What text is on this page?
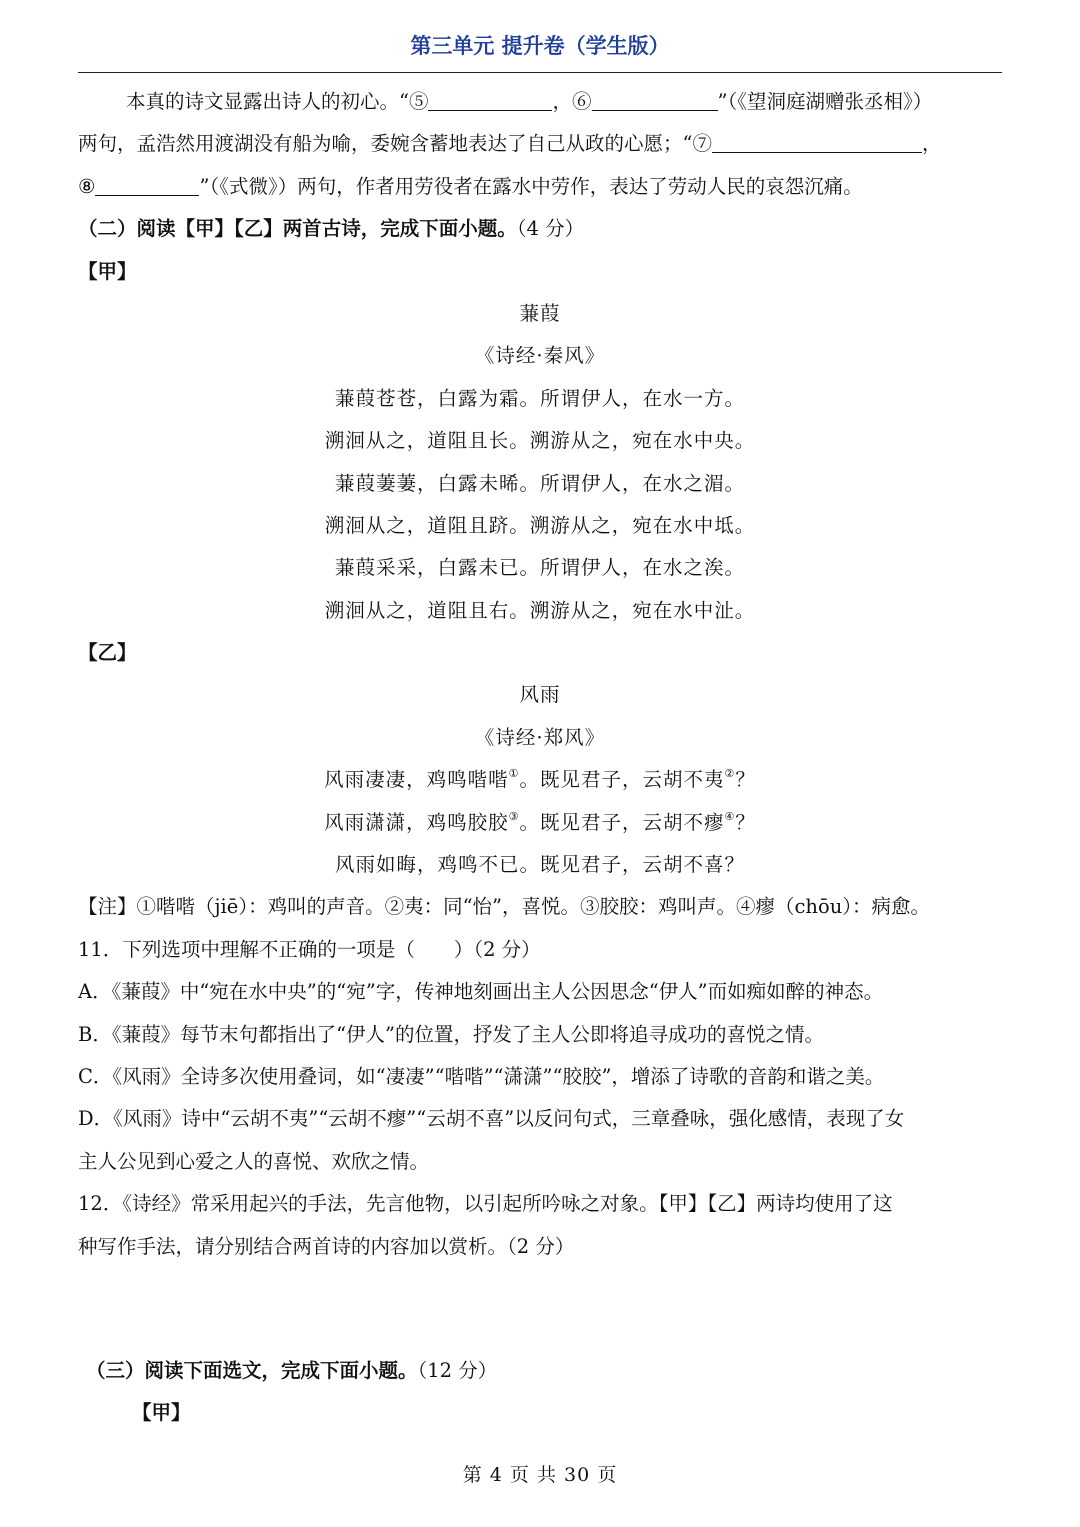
第三单元 提升卷（学生版）
本真的诗文显露出诗人的初心。“⑤	，⑥	”（《望洞庭湖赠张丞相》）
两句，孟浩然用渡湖没有船为喻，委婉含蓄地表达了自己从政的心愿；“⑦	，
⑧	”（《式微》）两句，作者用劳役者在露水中劳作，表达了劳动人民的哀怨沉痛。
（二）阅读【甲】【乙】两首古诗，完成下面小题。（4 分）
【甲】
蒹葭
《诗经·秦风》
蒹葭苍苍，白露为霜。所谓伊人，在水一方。
溯洄从之，道阻且长。溯游从之，宛在水中央。
蒹葭萋萋，白露未晞。所谓伊人，在水之湄。
溯洄从之，道阻且跻。溯游从之，宛在水中坻。
蒹葭采采，白露未已。所谓伊人，在水之涘。
溯洄从之，道阻且右。溯游从之，宛在水中沚。
【乙】
风雨
《诗经·郑风》
风雨凄凄，鸡鸣喈喈①。既见君子，云胡不夷②？
风雨潇潇，鸡鸣胶胶③。既见君子，云胡不瘳④？
风雨如晦，鸡鸣不已。既见君子，云胡不喜？
【注】①喈喈（jiē）：鸡叫的声音。②夷：同“怡”，喜悦。③胶胶：鸡叫声。④瘳（chōu）：病愈。
11．下列选项中理解不正确的一项是（　　）（2 分）
A．《蒹葭》中“宛在水中央”的“宛”字，传神地刻画出主人公因思念“伊人”而如痴如醉的神态。
B．《蒹葭》每节末句都指出了“伊人”的位置，抒发了主人公即将追寻成功的喜悦之情。
C．《风雨》全诗多次使用叠词，如“凄凄”“喈喈”“潇潇”“胶胶”，增添了诗歌的音韵和谐之美。
D．《风雨》诗中“云胡不夷”“云胡不瘳”“云胡不喜”以反问句式，三章叠咏，强化感情，表现了女
主人公见到心爱之人的喜悦、欢欣之情。
12．《诗经》常采用起兴的手法，先言他物，以引起所吟咏之对象。【甲】【乙】两诗均使用了这
种写作手法，请分别结合两首诗的内容加以赏析。（2 分）
（三）阅读下面选文，完成下面小题。（12 分）
【甲】
第 4 页 共 30 页
